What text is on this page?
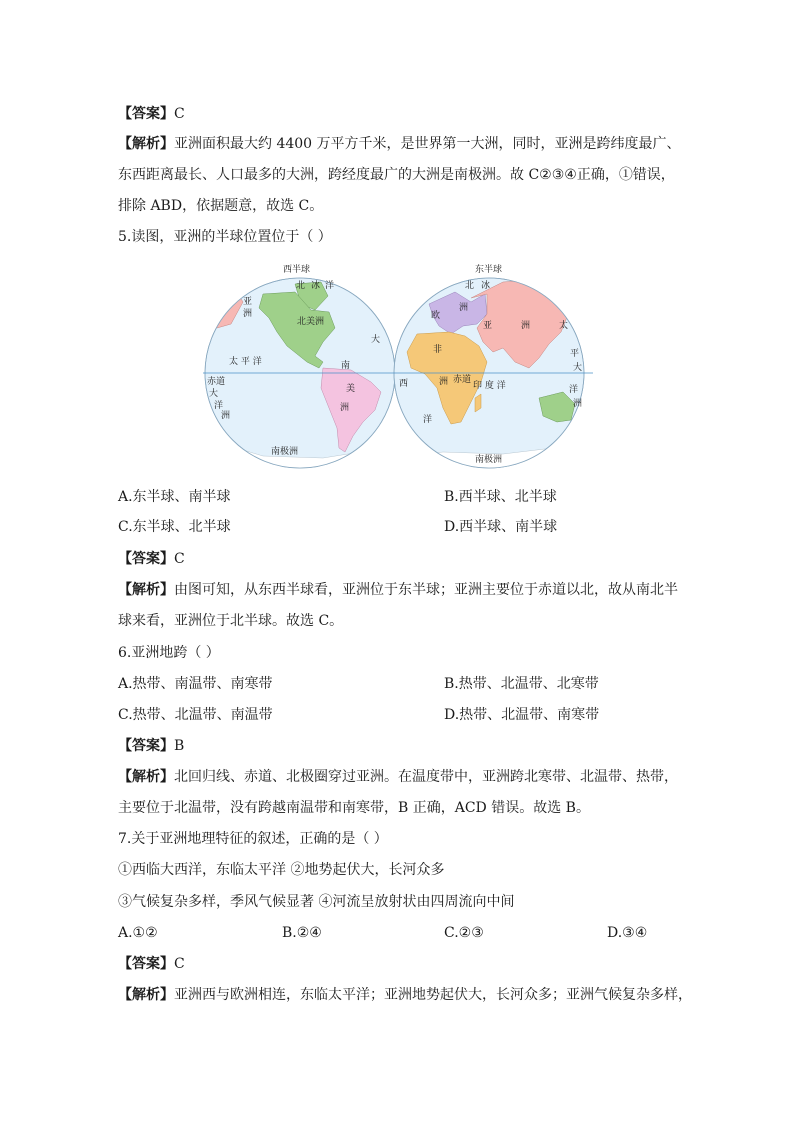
【答案】C
【解析】亚洲面积最大约 4400 万平方千米，是世界第一大洲，同时，亚洲是跨纬度最广、
东西距离最长、人口最多的大洲，跨经度最广的大洲是南极洲。故 C②③④正确，①错误，
排除 ABD，依据题意，故选 C。
5.读图，亚洲的半球位置位于（ ）
西半球
北 冰 洋
亚
洲
北美洲
大
太 平 洋	南
美
洲
赤道
大
洋
洲
南极洲
东半球
北 冰
欧
洲
亚	洲	太
非
洲
平
大
西	赤道
印 度 洋	洋
洲
洋
南极洲
A.东半球、南半球	B.西半球、北半球
C.东半球、北半球	D.西半球、南半球
【答案】C
【解析】由图可知，从东西半球看，亚洲位于东半球；亚洲主要位于赤道以北，故从南北半
球来看，亚洲位于北半球。故选 C。
6.亚洲地跨（ ）
A.热带、南温带、南寒带	B.热带、北温带、北寒带
C.热带、北温带、南温带	D.热带、北温带、南寒带
【答案】B
【解析】北回归线、赤道、北极圈穿过亚洲。在温度带中，亚洲跨北寒带、北温带、热带，
主要位于北温带，没有跨越南温带和南寒带，B 正确，ACD 错误。故选 B。
7.关于亚洲地理特征的叙述，正确的是（ ）
①西临大西洋，东临太平洋 ②地势起伏大，长河众多
③气候复杂多样，季风气候显著 ④河流呈放射状由四周流向中间
A.①②	B.②④	C.②③	D.③④
【答案】C
【解析】亚洲西与欧洲相连，东临太平洋；亚洲地势起伏大，长河众多；亚洲气候复杂多样，
